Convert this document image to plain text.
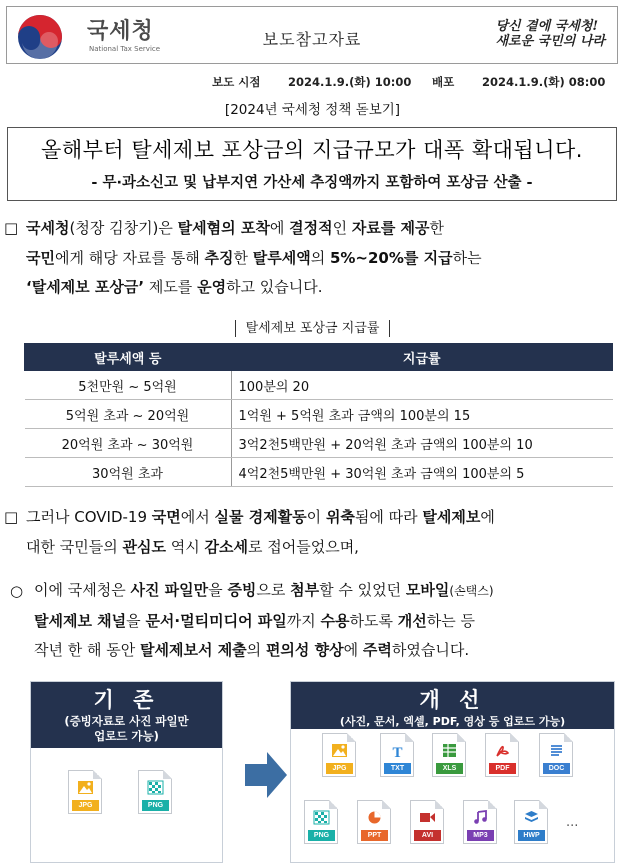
국세청
National Tax Service	보도참고자료
당신 곁에 국세청!
새로운 국민의 나라
보도 시점 2024.1.9.(화) 10:00 배포 2024.1.9.(화) 08:00
[2024년 국세청 정책 돋보기]
올해부터 탈세제보 포상금의 지급규모가 대폭 확대됩니다.
- 무·과소신고 및 납부지연 가산세 추징액까지 포함하여 포상금 산출 -
□ 국세청(청장 김창기)은 탈세혐의 포착에 결정적인 자료를 제공한
국민에게 해당 자료를 통해 추징한 탈루세액의 5%~20%를 지급하는
‘탈세제보 포상금’ 제도를 운영하고 있습니다.
탈세제보 포상금 지급률
탈루세액 등	지급률
5천만원 ~ 5억원	100분의 20
5억원 초과 ~ 20억원	1억원 + 5억원 초과 금액의 100분의 15
20억원 초과 ~ 30억원	3억2천5백만원 + 20억원 초과 금액의 100분의 10
30억원 초과	4억2천5백만원 + 30억원 초과 금액의 100분의 5
□ 그러나 COVID-19 국면에서 실물 경제활동이 위축됨에 따라 탈세제보에
대한 국민들의 관심도 역시 감소세로 접어들었으며,
○ 이에 국세청은 사진 파일만을 증빙으로 첨부할 수 있었던 모바일(손택스)
탈세제보 채널을 문서·멀티미디어 파일까지 수용하도록 개선하는 등
작년 한 해 동안 탈세제보서 제출의 편의성 향상에 주력하였습니다.
기 존
(증빙자료로 사진 파일만
업로드 가능)
개 선
(사진, 문서, 엑셀, PDF, 영상 등 업로드 가능)
JPG	PNG
JPG
T
TXT	XLS	PDF	DOC
PNG	PPT	AVI	MP3	HWP
...
